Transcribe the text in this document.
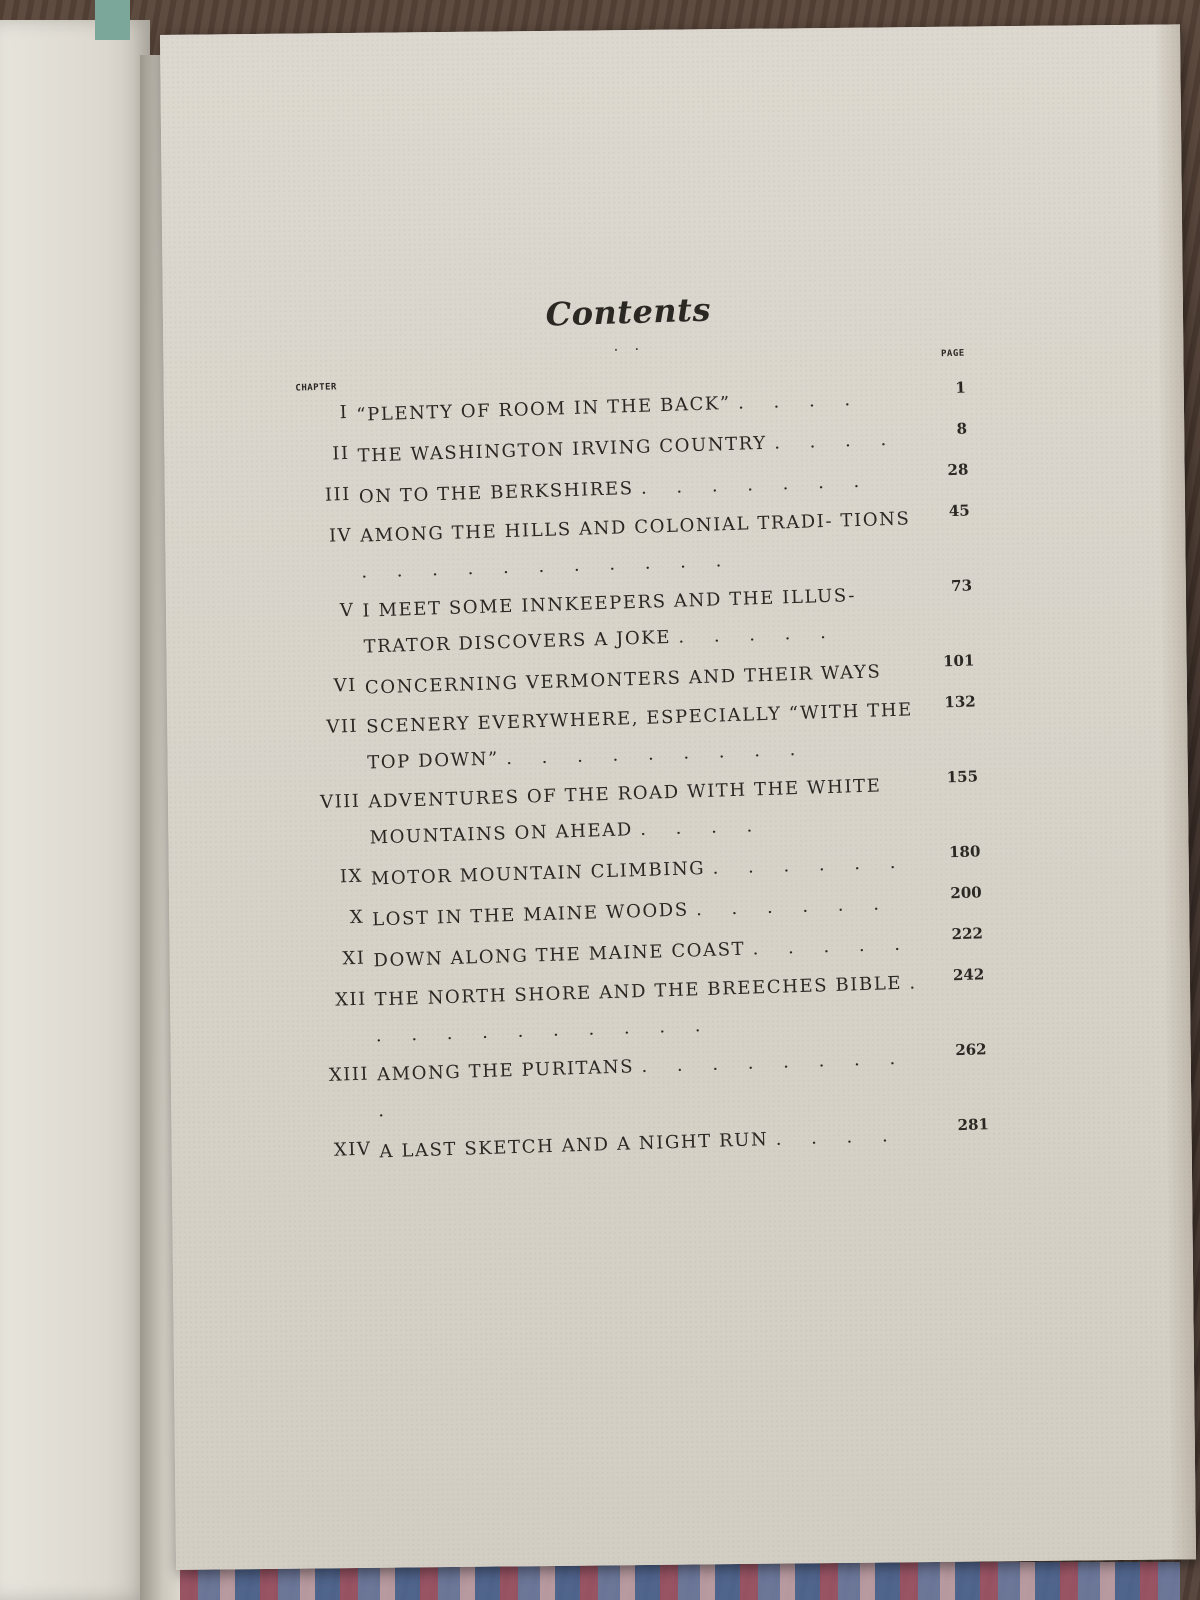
Contents
. .
CHAPTER
PAGE
I “PLENTY OF ROOM IN THE BACK” . . . .
1
II THE WASHINGTON IRVING COUNTRY . . . .
8
III ON TO THE BERKSHIRES . . . . . . .
28
IV AMONG THE HILLS AND COLONIAL TRADI- TIONS . . . . . . . . . . .
45
V I MEET SOME INNKEEPERS AND THE ILLUS- TRATOR DISCOVERS A JOKE . . . . .
73
VI CONCERNING VERMONTERS AND THEIR WAYS
101
VII SCENERY EVERYWHERE, ESPECIALLY “WITH THE TOP DOWN” . . . . . . . . .
132
VIII ADVENTURES OF THE ROAD WITH THE WHITE MOUNTAINS ON AHEAD . . . .
155
IX MOTOR MOUNTAIN CLIMBING . . . . . .	180
X LOST IN THE MAINE WOODS . . . . . .
200
XI DOWN ALONG THE MAINE COAST . . . . .	222
XII THE NORTH SHORE AND THE BREECHES BIBLE . . . . . . . . . . .
242
XIII AMONG THE PURITANS . . . . . . . . .
262
XIV A LAST SKETCH AND A NIGHT RUN . . . .
281
